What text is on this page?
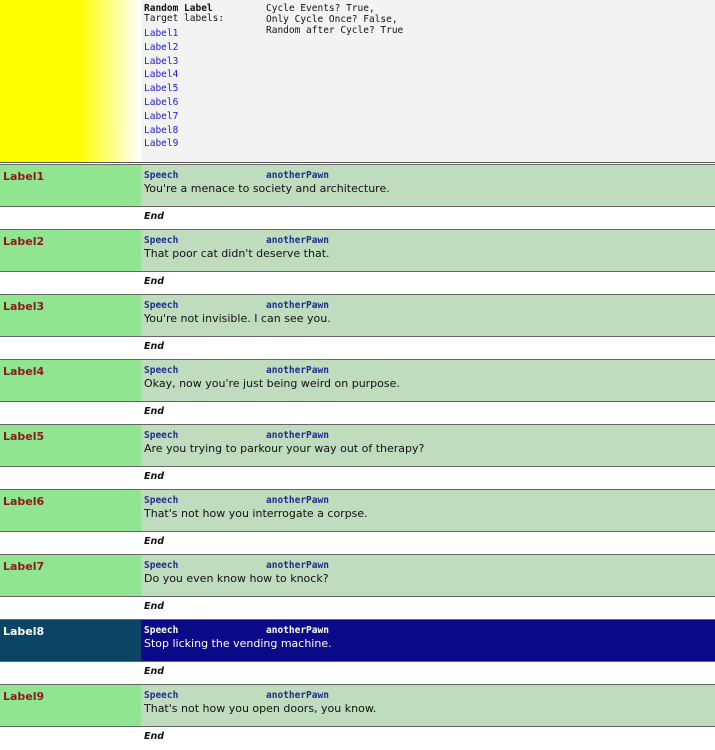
Random Label
Target labels:
Label1
Label2
Label3
Label4
Label5
Label6
Label7
Label8
Label9
Cycle Events? True,
Only Cycle Once? False,
Random after Cycle? True
Label1	Speech	anotherPawn
You're a menace to society and architecture.
End
Label2	Speech	anotherPawn
That poor cat didn't deserve that.
End
Label3	Speech	anotherPawn
You're not invisible. I can see you.
End
Label4	Speech	anotherPawn
Okay, now you're just being weird on purpose.
End
Label5	Speech	anotherPawn
Are you trying to parkour your way out of therapy?
End
Label6	Speech	anotherPawn
That's not how you interrogate a corpse.
End
Label7	Speech	anotherPawn
Do you even know how to knock?
End
Label8	Speech	anotherPawn
Stop licking the vending machine.
End
Label9	Speech	anotherPawn
That's not how you open doors, you know.
End
